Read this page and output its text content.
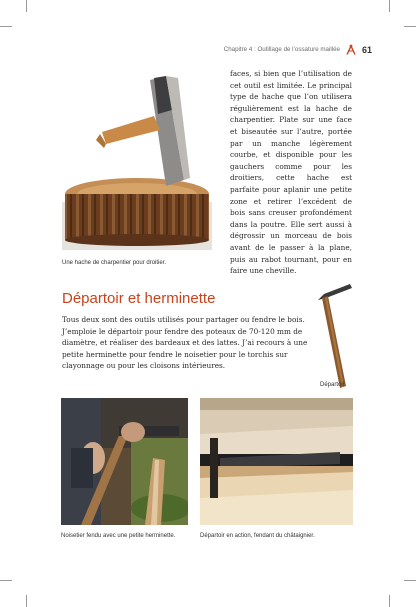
Chapitre 4 : Outillage de l’ossature maillée 61
Une hache de charpentier pour droitier.

faces, si bien que l’utilisation de cet outil est limitée. Le principal type de hache que l’on utilisera régulièrement est la hache de charpentier. Plate sur une face et biseautée sur l’autre, portée par un manche légèrement courbe, et disponible pour les gauchers comme pour les droitiers, cette hache est parfaite pour aplanir une petite zone et retirer l’excédent de bois sans creuser profondément dans la poutre. Elle sert aussi à dégrossir un morceau de bois avant de le passer à la plane, puis au rabot tournant, pour en faire une cheville.

Départoir et herminette

Tous deux sont des outils utilisés pour partager ou fendre le bois. J’emploie le départoir pour fendre des poteaux de 70-120 mm de diamètre, et réaliser des bardeaux et des lattes. J’ai recours à une petite herminette pour fendre le noisetier pour le torchis sur clayonnage ou pour les cloisons intérieures.

Départoir.
Noisetier fendu avec une petite herminette.	Départoir en action, fendant du châtaignier.
